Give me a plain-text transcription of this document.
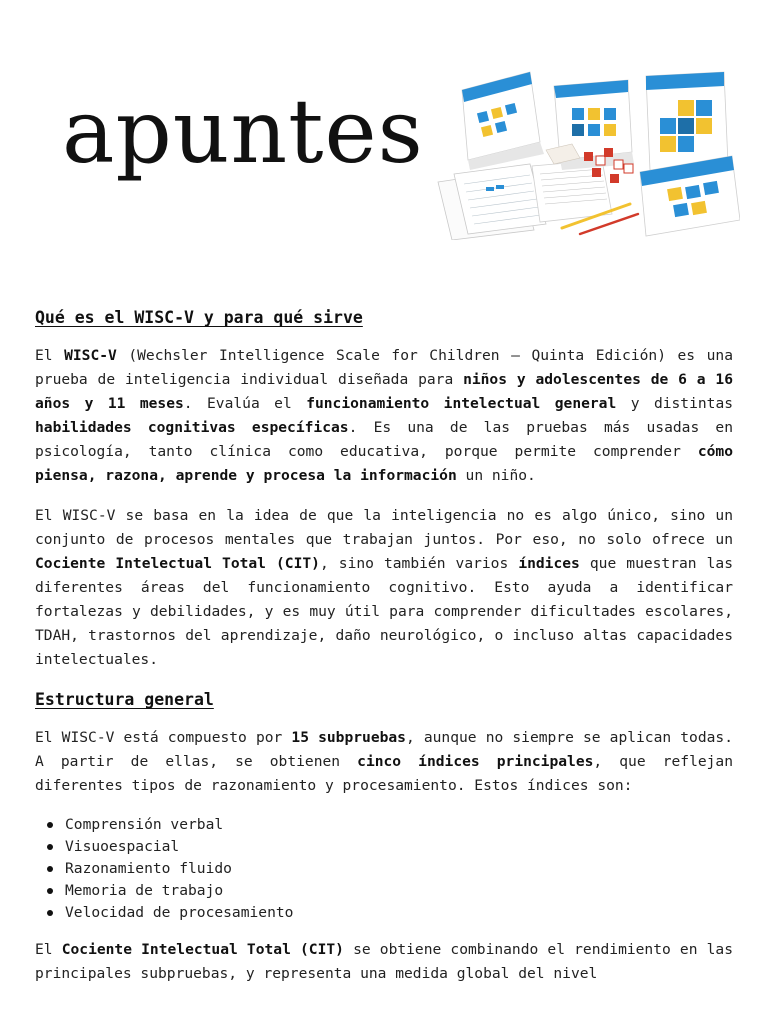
apuntes
Qué es el WISC-V y para qué sirve

El WISC-V (Wechsler Intelligence Scale for Children – Quinta Edición) es una prueba de inteligencia individual diseñada para niños y adolescentes de 6 a 16 años y 11 meses. Evalúa el funcionamiento intelectual general y distintas habilidades cognitivas específicas. Es una de las pruebas más usadas en psicología, tanto clínica como educativa, porque permite comprender cómo piensa, razona, aprende y procesa la información un niño.

El WISC-V se basa en la idea de que la inteligencia no es algo único, sino un conjunto de procesos mentales que trabajan juntos. Por eso, no solo ofrece un Cociente Intelectual Total (CIT), sino también varios índices que muestran las diferentes áreas del funcionamiento cognitivo. Esto ayuda a identificar fortalezas y debilidades, y es muy útil para comprender dificultades escolares, TDAH, trastornos del aprendizaje, daño neurológico, o incluso altas capacidades intelectuales.

Estructura general

El WISC-V está compuesto por 15 subpruebas, aunque no siempre se aplican todas. A partir de ellas, se obtienen cinco índices principales, que reflejan diferentes tipos de razonamiento y procesamiento. Estos índices son:

Comprensión verbal
Visuoespacial
Razonamiento fluido
Memoria de trabajo
Velocidad de procesamiento

El Cociente Intelectual Total (CIT) se obtiene combinando el rendimiento en las principales subpruebas, y representa una medida global del nivel
